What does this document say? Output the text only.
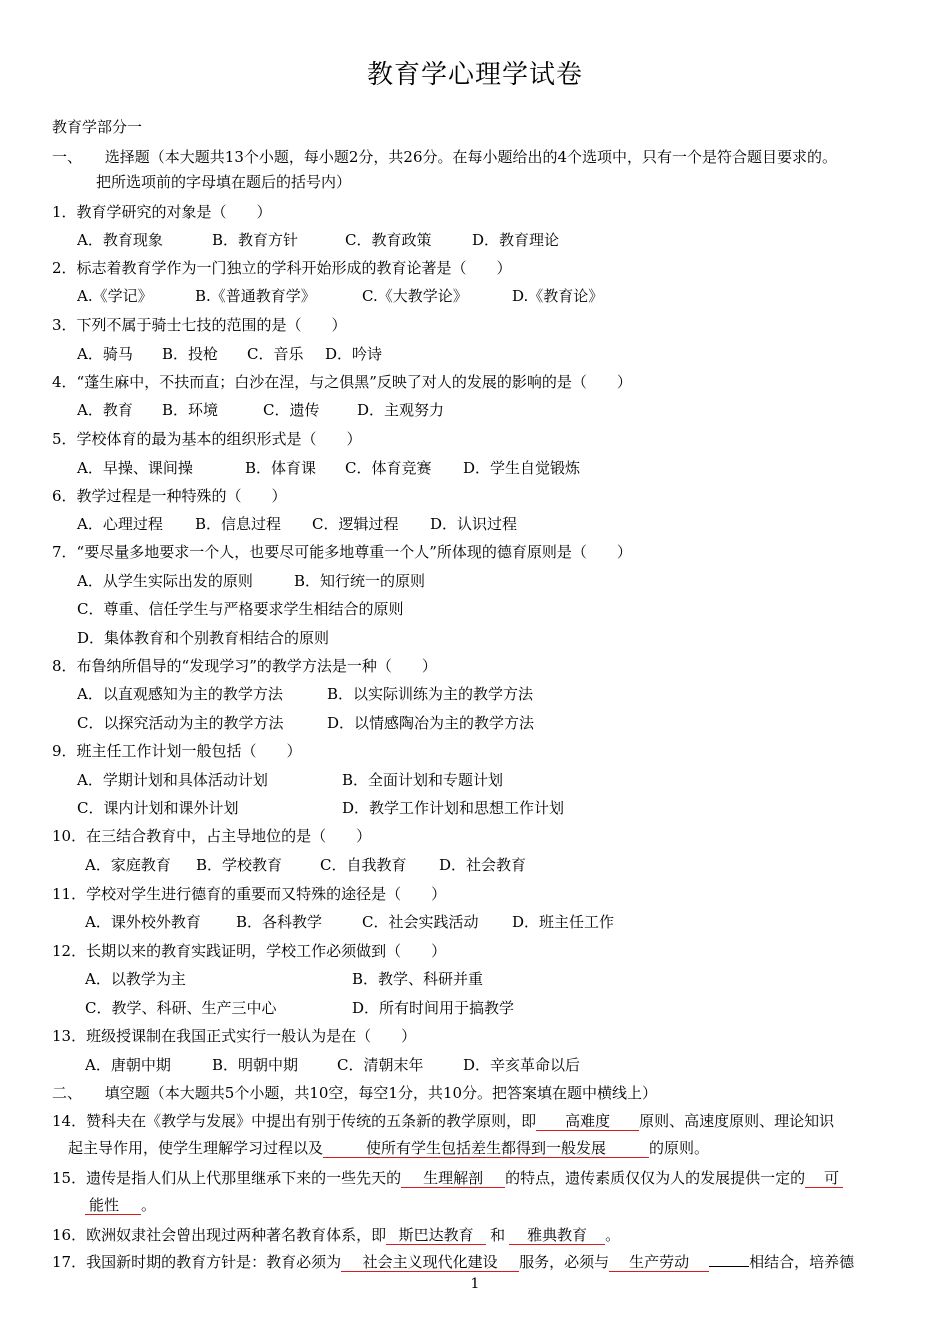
教育学心理学试卷
教育学部分一
一、 选择题（本大题共13个小题，每小题2分，共26分。在每小题给出的4个选项中，只有一个是符合题目要求的。
把所选项前的字母填在题后的括号内）
1．教育学研究的对象是（　　）
A．教育现象	B．教育方针	C．教育政策	D．教育理论
2．标志着教育学作为一门独立的学科开始形成的教育论著是（　　）
A.《学记》	B.《普通教育学》	C.《大教学论》	D.《教育论》
3．下列不属于骑士七技的范围的是（　　）
A．骑马 B．投枪 C．音乐 D．吟诗
4．“蓬生麻中，不扶而直；白沙在涅，与之俱黑”反映了对人的发展的影响的是（　　）
A．教育 B．环境	C．遗传	D．主观努力
5．学校体育的最为基本的组织形式是（　　）
A．早操、课间操	B．体育课 C．体育竞赛 D．学生自觉锻炼
6．教学过程是一种特殊的（　　）
A．心理过程 B．信息过程 C．逻辑过程 D．认识过程
7．“要尽量多地要求一个人，也要尽可能多地尊重一个人”所体现的德育原则是（　　）
A．从学生实际出发的原则	B．知行统一的原则
C．尊重、信任学生与严格要求学生相结合的原则
D．集体教育和个别教育相结合的原则
8．布鲁纳所倡导的“发现学习”的教学方法是一种（　　）
A．以直观感知为主的教学方法	B．以实际训练为主的教学方法
C．以探究活动为主的教学方法	D．以情感陶冶为主的教学方法
9．班主任工作计划一般包括（　　）
A．学期计划和具体活动计划	B．全面计划和专题计划
C．课内计划和课外计划	D．教学工作计划和思想工作计划
10．在三结合教育中，占主导地位的是（　　）
A．家庭教育 B．学校教育	C．自我教育 D．社会教育
11．学校对学生进行德育的重要而又特殊的途径是（　　）
A．课外校外教育 B．各科教学	C．社会实践活动 D．班主任工作
12．长期以来的教育实践证明，学校工作必须做到（　　）
A．以教学为主	B．教学、科研并重
C．教学、科研、生产三中心	D．所有时间用于搞教学
13．班级授课制在我国正式实行一般认为是在（　　）
A．唐朝中期	B．明朝中期	C．清朝末年	D．辛亥革命以后
二、 填空题（本大题共5个小题，共10空，每空1分，共10分。把答案填在题中横线上）
14．赞科夫在《教学与发展》中提出有别于传统的五条新的教学原则，即 高难度 原则、高速度原则、理论知识
起主导作用，使学生理解学习过程以及	使所有学生包括差生都得到一般发展	的原则。
15．遗传是指人们从上代那里继承下来的一些先天的 生理解剖 的特点，遗传素质仅仅为人的发展提供一定的 可
能性 。
16．欧洲奴隶社会曾出现过两种著名教育体系，即 斯巴达教育 和 雅典教育 。
17．我国新时期的教育方针是：教育必须为 社会主义现代化建设 服务，必须与 生产劳动	相结合，培养德
1
